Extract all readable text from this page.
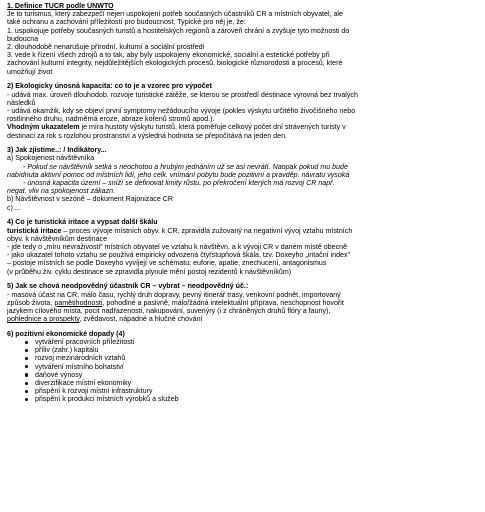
1. Definice TUCR podle UNWTO

Je to turismus, který zabezpečí nejen uspokojení potřeb současných účastníků CR a místních obyvatel, ale

také ochranu a zachování příležitostí pro budoucnost. Typické pro něj je, že:

1. uspokojuje potřeby současných turistů a hostitelských regionů a zároveň chrání a zvyšuje tyto možnosti do

budoucna

2. dlouhodobě nenarušuje přírodní, kulturní a sociální prostředí

3. vede k řízení všech zdrojů a to tak, aby byly uspokojeny ekonomické, sociální a estetické potřeby při

zachování kulturní integrity, nejdůležitějších ekologických procesů, biologické různorodosti a procesů, které

umožňují život

2) Ekologicky únosná kapacita: co to je a vzorec pro výpočet

- udává max. úroveň dlouhodob. rozvoje turistické zátěže, se kterou se prostředí destinace vyrovná bez trvalých

následků

- udává okamžik, kdy se objeví první symptomy nežádoucího vývoje (pokles výskytu určitého živočišného nebo

rostlinného druhu, nadměrná eroze, abraze kořenů stromů apod.).

Vhodným ukazatelem je míra hustoty výskytu turistů, která poměřuje celkový počet dní strávených turisty v

destinaci za rok s rozlohou prostranství a výsledná hodnota se přepočítává na jeden den.

3) Jak zjistíme..: / Indikátory...

a) Spokojenost návštěvníka

- Pokud se návštěvník setká s neochotou a hrubým jednáním už se asi nevrátí. Naopak pokud mu bude

nabídnuta aktivní pomoc od místních lidí, jeho celk. vnímání pobytu bude pozitivní a pravděp. návratu vysoká

- únosná kapacita území – sníží se definovat limity růstu, po překročení kterých má rozvoj CR např.

negat. vliv na spokojenost zákazn.

b) Návštěvnost v sezóně – dokument Rajonizace CR

c) ...

4) Co je turistická iritace a vypsat další škálu

turistická iritace – proces vývoje místních obyv. k CR, zpravidla zužovaný na negativní vývoj vztahu místních

obyv. k návštěvníkům destinace

- jde tedy o „míru nevraživosti" místních obyvatel ve vztahu k návštěvn. a k vývoji CR v daném místě obecně

- jako ukazatel tohoto vztahu se používá empiricky odvozená čtyřstupňová škála, tzv. Doxeyho „iritační index"

– postoje místních se podle Doxeyho vyvíjejí ve schématu: euforie, apatie, znechucení, antagonismus

(v průběhu živ. cyklu destinace se zpravidla plynule mění postoj rezidentů k návštěvníkům)

5) Jak se chová neodpovědný účastník CR – vybrat – neodpovědný úč.:

- masová účast na CR, málo času, rychlý druh dopravy, pevný itinerář trasy, venkovní podnět, importovaný

způsob života, pamětihodnosti, pohodlné a pasivně, málo/žádná intelektuální příprava, neschopnost hovořit

jazykem cílového místa, pocit nadřazenosti, nakupování, suvenýry (i z chráněných druhů flóry a fauny),

pohlednice a prospekty, zvědavost, nápadné a hlučné chování

6) pozitivní ekonomické dopady (4)

vytváření pracovních příležitostí
příliv (zahr.) kapitálu
rozvoj mezinárodních vztahů
vytváření místního bohatství
daňové výnosy
diverzifikace místní ekonomiky
přispění k rozvoji místní infrastruktury
přispění k produkci místních výrobků a služeb
